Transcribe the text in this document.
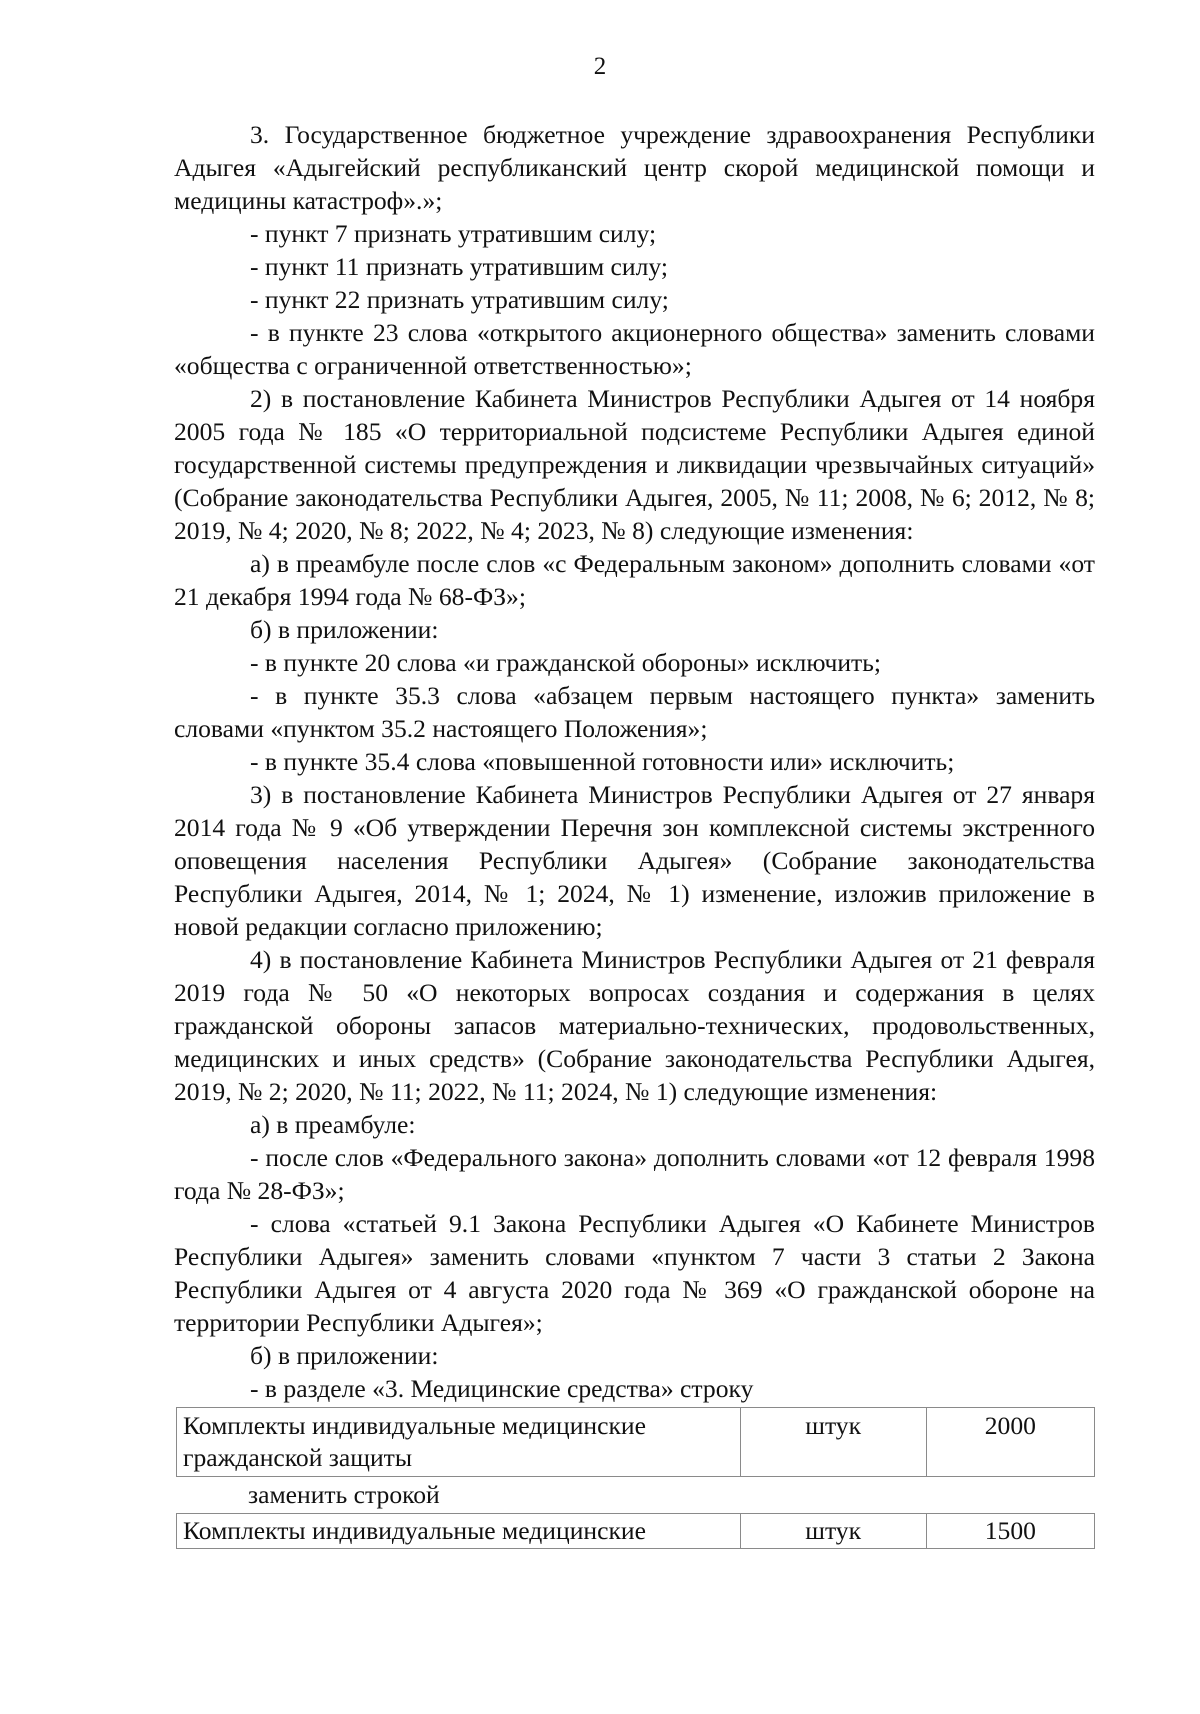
2

3. Государственное бюджетное учреждение здравоохранения Республики Адыгея «Адыгейский республиканский центр скорой медицинской помощи и медицины катастроф».»;

- пункт 7 признать утратившим силу;

- пункт 11 признать утратившим силу;

- пункт 22 признать утратившим силу;

- в пункте 23 слова «открытого акционерного общества» заменить словами «общества с ограниченной ответственностью»;

2) в постановление Кабинета Министров Республики Адыгея от 14 ноября 2005 года № 185 «О территориальной подсистеме Республики Адыгея единой государственной системы предупреждения и ликвидации чрезвычайных ситуаций» (Собрание законодательства Республики Адыгея, 2005, № 11; 2008, № 6; 2012, № 8; 2019, № 4; 2020, № 8; 2022, № 4; 2023, № 8) следующие изменения:

а) в преамбуле после слов «с Федеральным законом» дополнить словами «от 21 декабря 1994 года № 68-ФЗ»;

б) в приложении:

- в пункте 20 слова «и гражданской обороны» исключить;

- в пункте 35.3 слова «абзацем первым настоящего пункта» заменить словами «пунктом 35.2 настоящего Положения»;

- в пункте 35.4 слова «повышенной готовности или» исключить;

3) в постановление Кабинета Министров Республики Адыгея от 27 января 2014 года № 9 «Об утверждении Перечня зон комплексной системы экстренного оповещения населения Республики Адыгея» (Собрание законодательства Республики Адыгея, 2014, № 1; 2024, № 1) изменение, изложив приложение в новой редакции согласно приложению;

4) в постановление Кабинета Министров Республики Адыгея от 21 февраля 2019 года № 50 «О некоторых вопросах создания и содержания в целях гражданской обороны запасов материально-технических, продовольственных, медицинских и иных средств» (Собрание законодательства Республики Адыгея, 2019, № 2; 2020, № 11; 2022, № 11; 2024, № 1) следующие изменения:

а) в преамбуле:

- после слов «Федерального закона» дополнить словами «от 12 февраля 1998 года № 28-ФЗ»;

- слова «статьей 9.1 Закона Республики Адыгея «О Кабинете Министров Республики Адыгея» заменить словами «пунктом 7 части 3 статьи 2 Закона Республики Адыгея от 4 августа 2020 года № 369 «О гражданской обороне на территории Республики Адыгея»;

б) в приложении:

- в разделе «3. Медицинские средства» строку

Комплекты индивидуальные медицинские гражданской защиты	штук	2000

заменить строкой

Комплекты индивидуальные медицинские	штук	1500
